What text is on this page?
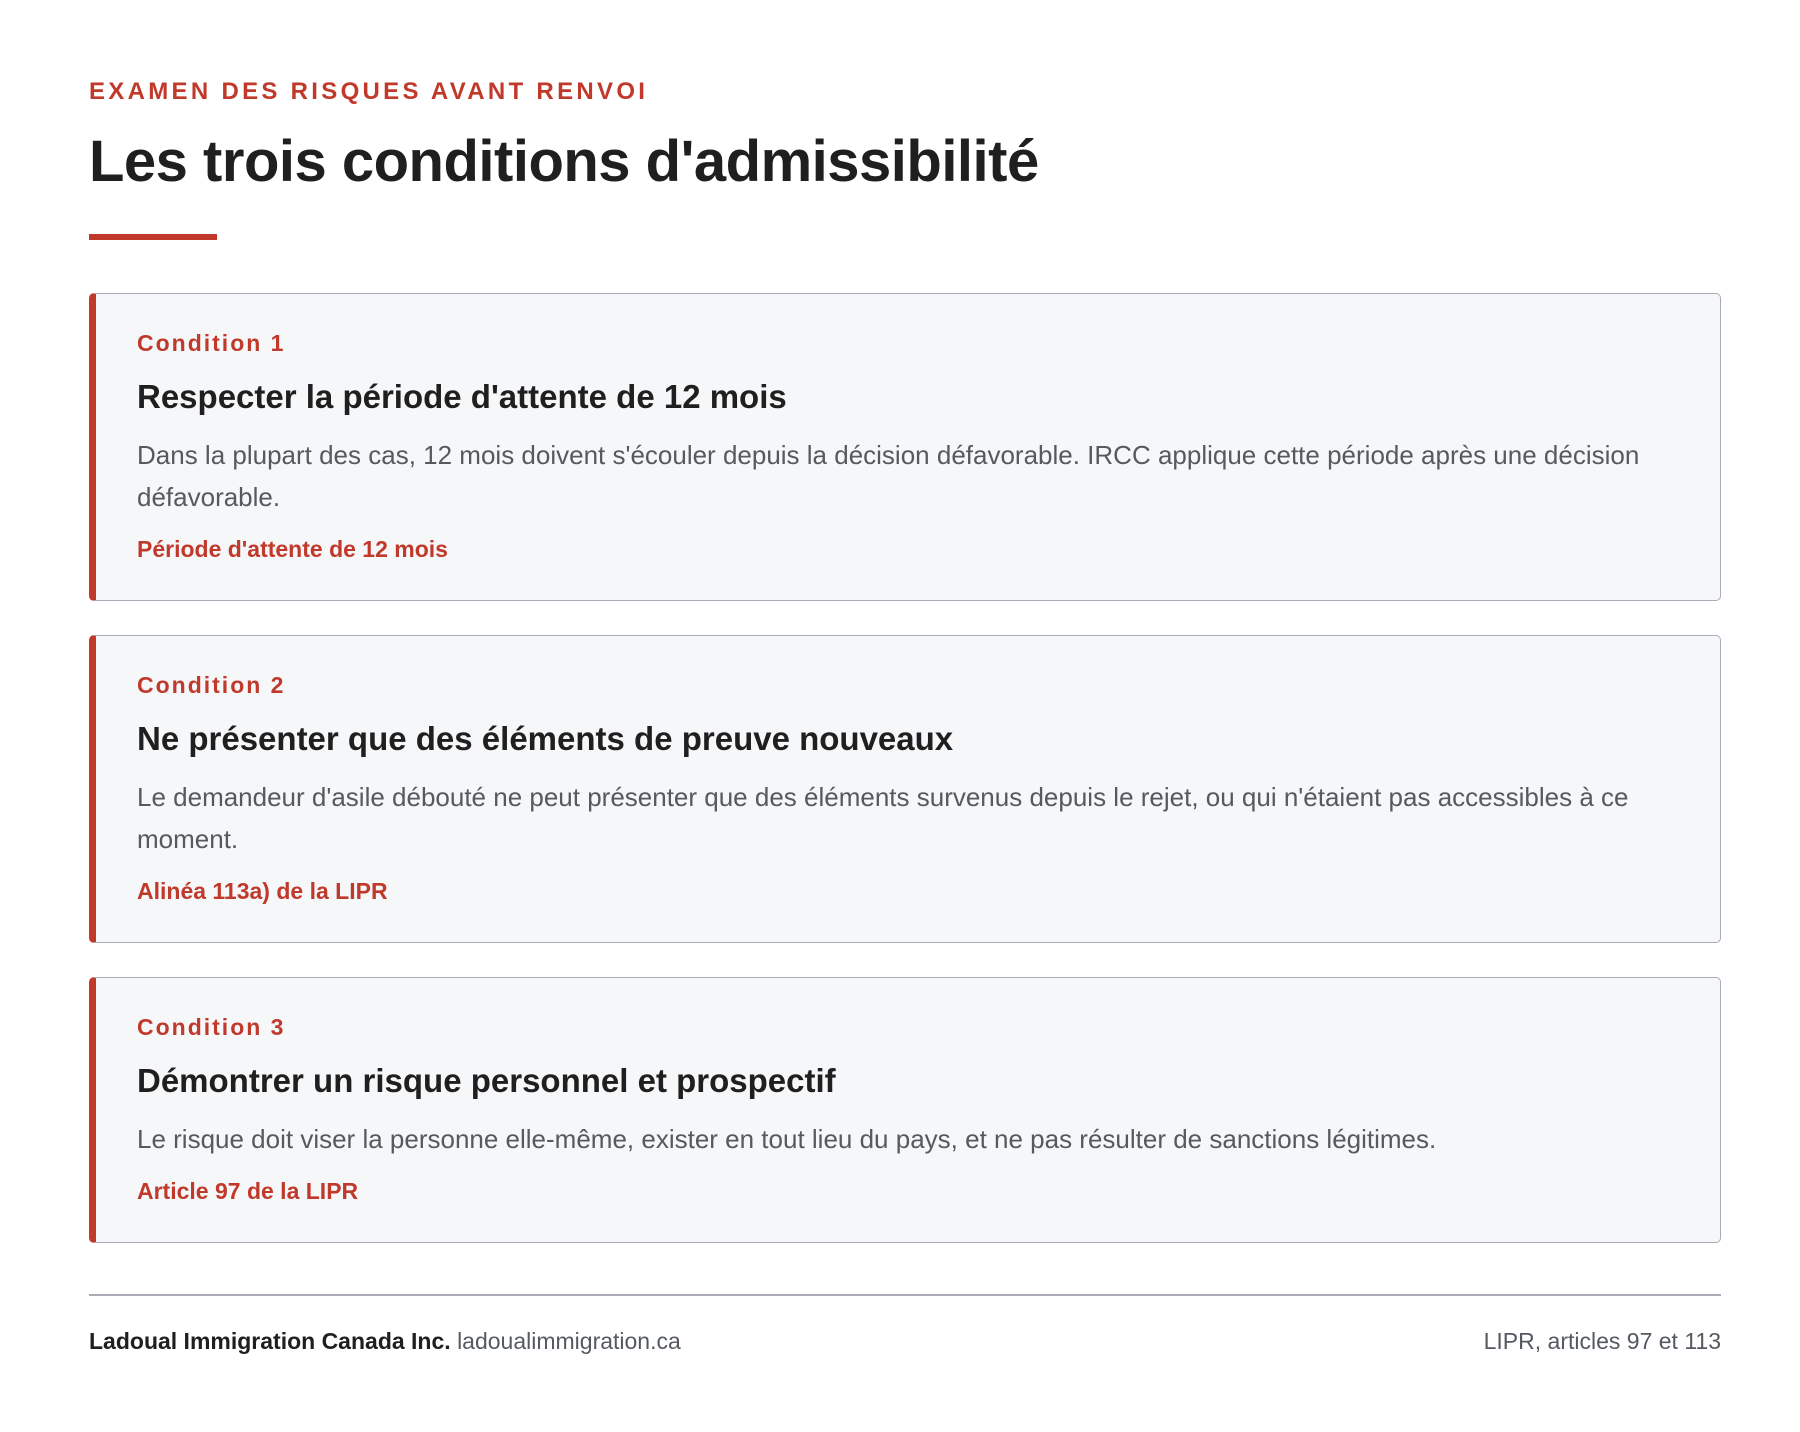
EXAMEN DES RISQUES AVANT RENVOI
Les trois conditions d'admissibilité
Condition 1
Respecter la période d'attente de 12 mois

Dans la plupart des cas, 12 mois doivent s'écouler depuis la décision défavorable. IRCC applique cette période après une décision défavorable.

Période d'attente de 12 mois
Condition 2
Ne présenter que des éléments de preuve nouveaux

Le demandeur d'asile débouté ne peut présenter que des éléments survenus depuis le rejet, ou qui n'étaient pas accessibles à ce moment.

Alinéa 113a) de la LIPR
Condition 3
Démontrer un risque personnel et prospectif

Le risque doit viser la personne elle-même, exister en tout lieu du pays, et ne pas résulter de sanctions légitimes.

Article 97 de la LIPR
Ladoual Immigration Canada Inc. ladoualimmigration.ca	LIPR, articles 97 et 113
